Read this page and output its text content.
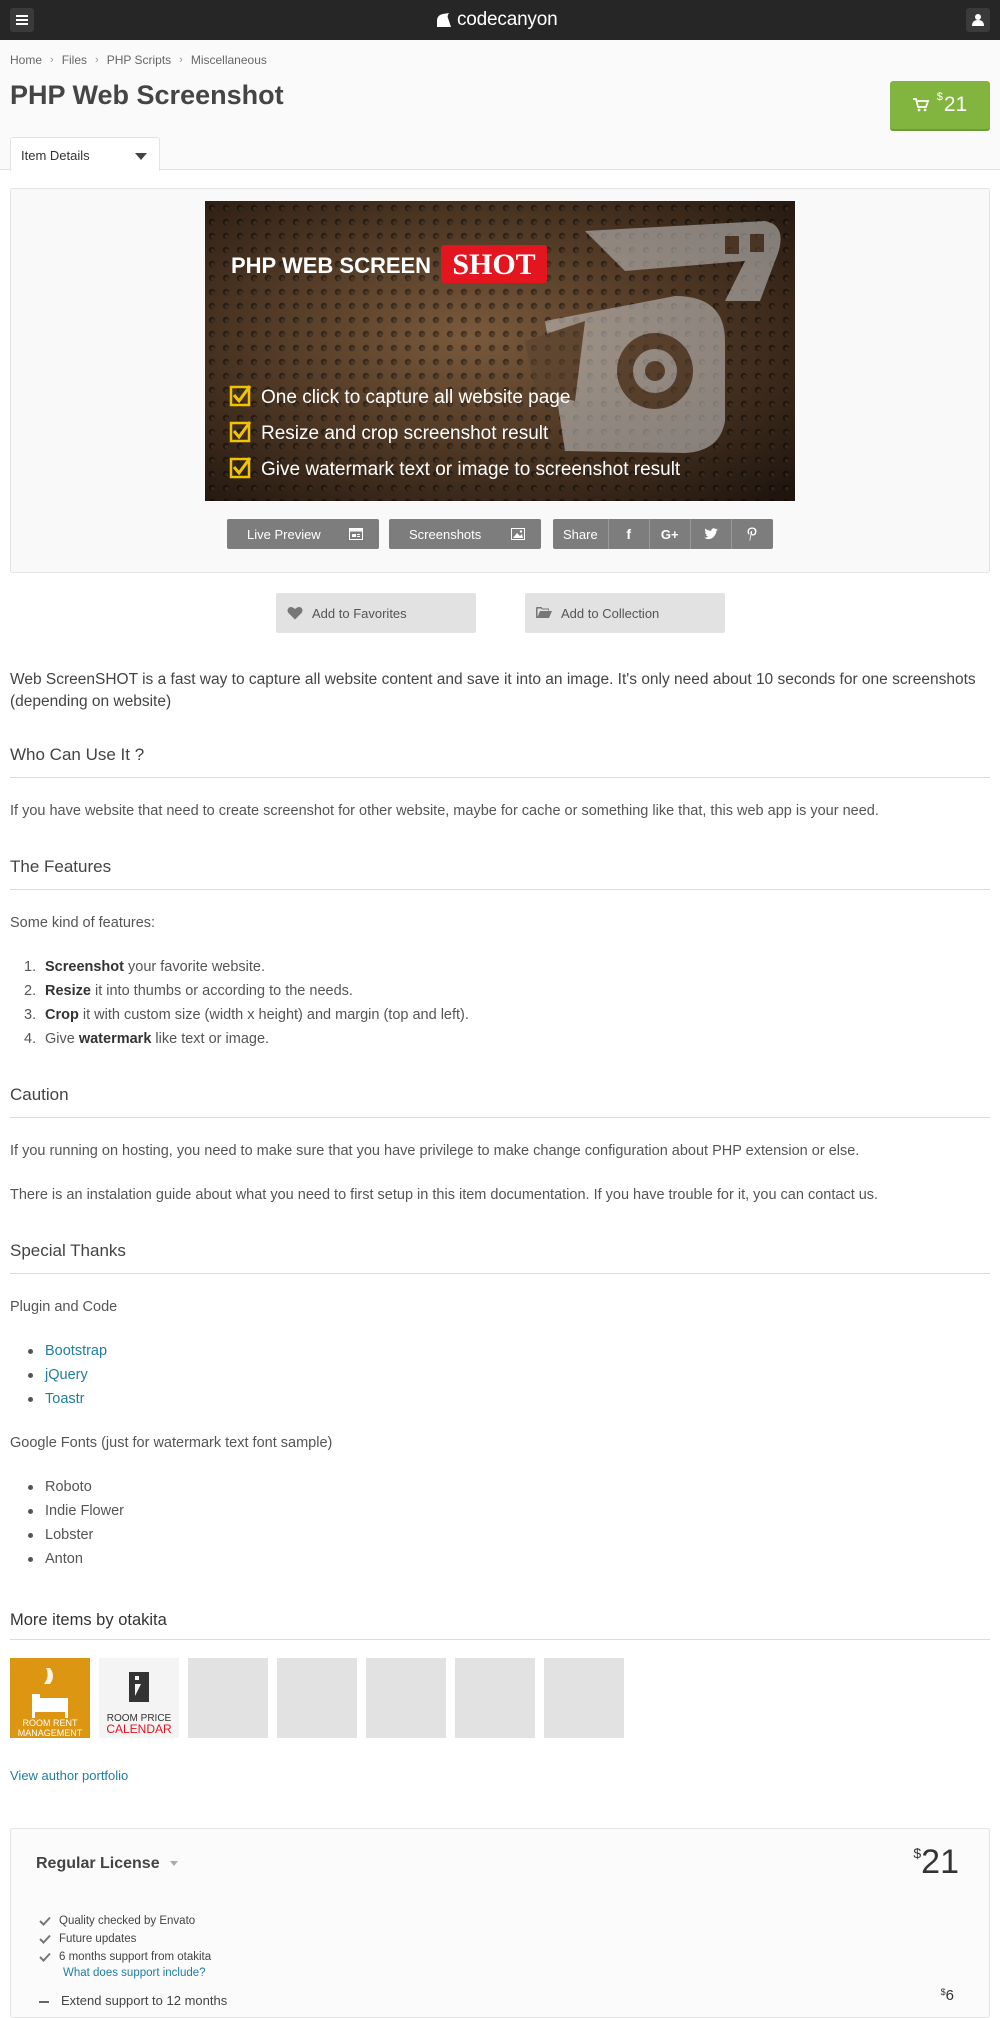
codecanyon
Home › Files › PHP Scripts › Miscellaneous
PHP Web Screenshot	$21
Item Details
PHP WEB SCREEN SHOT
One click to capture all website page
Resize and crop screenshot result
Give watermark text or image to screenshot result
Live Preview	Screenshots	Share	f	G+
Add to Favorites	Add to Collection
Web ScreenSHOT is a fast way to capture all website content and save it into an image. It's only need about 10 seconds for one screenshots (depending on website)
Who Can Use It ?
If you have website that need to create screenshot for other website, maybe for cache or something like that, this web app is your need.
The Features
Some kind of features:
1. Screenshot your favorite website.
2. Resize it into thumbs or according to the needs.
3. Crop it with custom size (width x height) and margin (top and left).
4. Give watermark like text or image.
Caution
If you running on hosting, you need to make sure that you have privilege to make change configuration about PHP extension or else.
There is an instalation guide about what you need to first setup in this item documentation. If you have trouble for it, you can contact us.
Special Thanks
Plugin and Code
Bootstrap
jQuery
Toastr
Google Fonts (just for watermark text font sample)
Roboto
Indie Flower
Lobster
Anton
More items by otakita
ROOM RENT
MANAGEMENT
ROOM PRICE
CALENDAR
View author portfolio
Regular License
$21
Quality checked by Envato
Future updates
6 months support from otakita
What does support include?
Extend support to 12 months
$6
